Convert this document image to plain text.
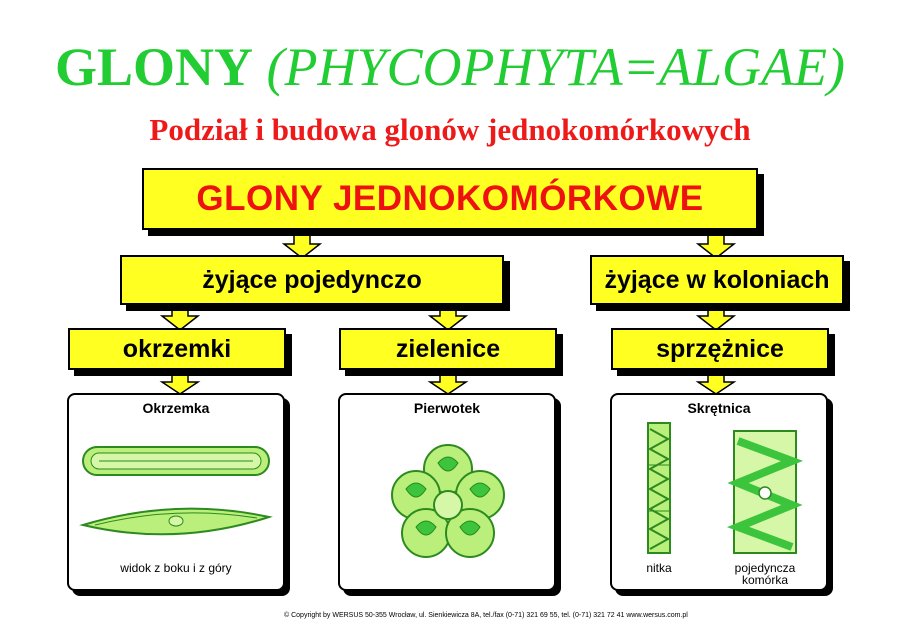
GLONY (PHYCOPHYTA=ALGAE)
Podział i budowa glonów jednokomórkowych
GLONY JEDNOKOMÓRKOWE
żyjące pojedynczo	żyjące w koloniach
okrzemki	zielenice	sprzężnice
Okrzemka
widok z boku i z góry
Pierwotek	Skrętnica
nitka	pojedyncza
komórka
© Copyright by WERSUS 50-355 Wrocław, ul. Sienkiewicza 8A, tel./fax (0-71) 321 69 55, tel. (0-71) 321 72 41 www.wersus.com.pl
